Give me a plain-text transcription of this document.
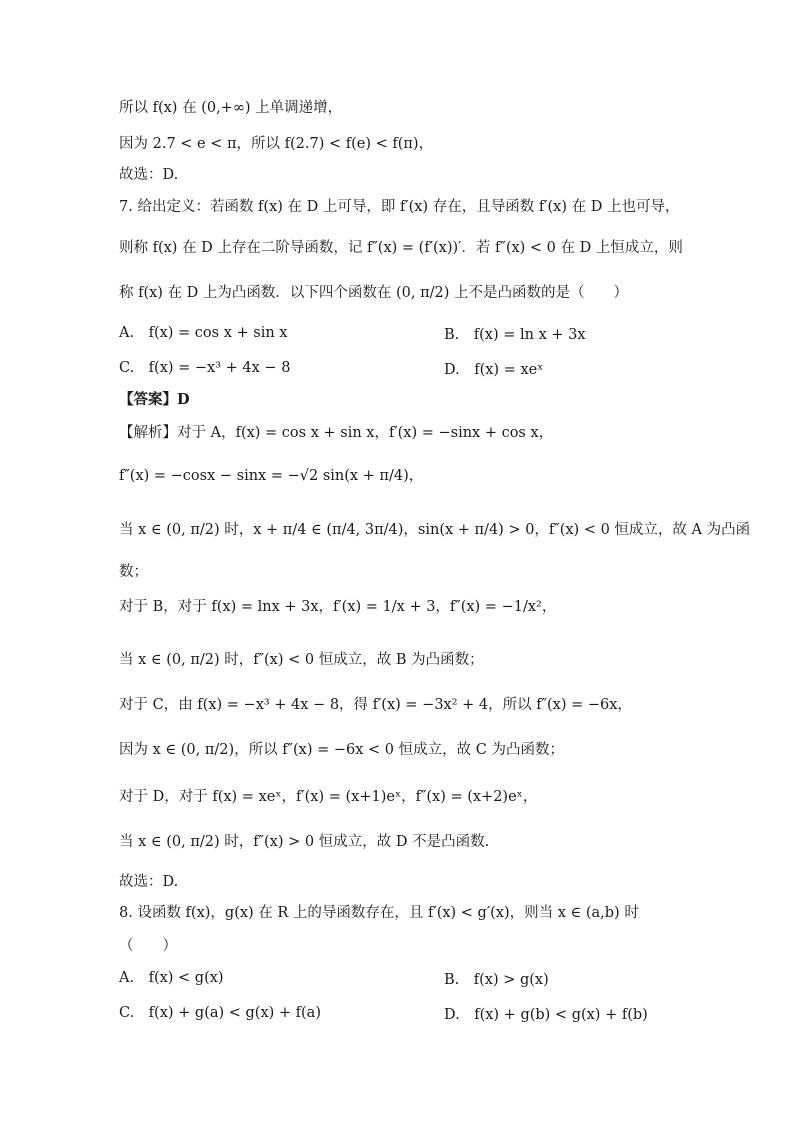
所以 f(x) 在 (0,+∞) 上单调递增，
因为 2.7 < e < π，所以 f(2.7) < f(e) < f(π)，
故选：D.
7. 给出定义：若函数 f(x) 在 D 上可导，即 f′(x) 存在，且导函数 f′(x) 在 D 上也可导，
则称 f(x) 在 D 上存在二阶导函数，记 f″(x) = (f′(x))′．若 f″(x) < 0 在 D 上恒成立，则
称 f(x) 在 D 上为凸函数．以下四个函数在 (0, π/2) 上不是凸函数的是（　　）
A.　f(x) = cos x + sin x	B.　f(x) = ln x + 3x
C.　f(x) = −x³ + 4x − 8	D.　f(x) = xeˣ
【答案】D
【解析】对于 A，f(x) = cos x + sin x，f′(x) = −sinx + cos x，
f″(x) = −cosx − sinx = −√2 sin(x + π/4)，
当 x ∈ (0, π/2) 时，x + π/4 ∈ (π/4, 3π/4)，sin(x + π/4) > 0，f″(x) < 0 恒成立，故 A 为凸函
数；
对于 B，对于 f(x) = lnx + 3x，f′(x) = 1/x + 3，f″(x) = −1/x²，
当 x ∈ (0, π/2) 时，f″(x) < 0 恒成立，故 B 为凸函数；
对于 C，由 f(x) = −x³ + 4x − 8，得 f′(x) = −3x² + 4，所以 f″(x) = −6x，
因为 x ∈ (0, π/2)，所以 f″(x) = −6x < 0 恒成立，故 C 为凸函数；
对于 D，对于 f(x) = xeˣ，f′(x) = (x+1)eˣ，f″(x) = (x+2)eˣ，
当 x ∈ (0, π/2) 时，f″(x) > 0 恒成立，故 D 不是凸函数.
故选：D.
8. 设函数 f(x)，g(x) 在 R 上的导函数存在，且 f′(x) < g′(x)，则当 x ∈ (a,b) 时
（　　）
A.　f(x) < g(x)	B.　f(x) > g(x)
C.　f(x) + g(a) < g(x) + f(a)	D.　f(x) + g(b) < g(x) + f(b)
